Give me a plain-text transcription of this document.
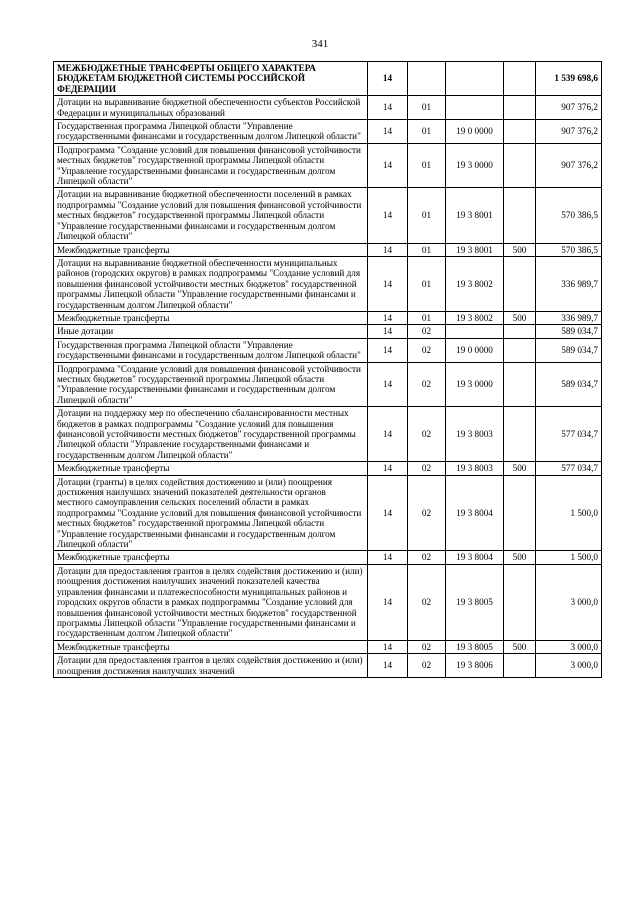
341
МЕЖБЮДЖЕТНЫЕ ТРАНСФЕРТЫ ОБЩЕГО ХАРАКТЕРА БЮДЖЕТАМ БЮДЖЕТНОЙ СИСТЕМЫ РОССИЙСКОЙ ФЕДЕРАЦИИ	14				1 539 698,6
Дотации на выравнивание бюджетной обеспеченности субъектов Российской Федерации и муниципальных образований	14	01			907 376,2
Государственная программа Липецкой области "Управление государственными финансами и государственным долгом Липецкой области"	14	01	19 0 0000		907 376,2
Подпрограмма "Создание условий для повышения финансовой устойчивости местных бюджетов" государственной программы Липецкой области "Управление государственными финансами и государственным долгом Липецкой области"	14	01	19 3 0000		907 376,2
Дотации на выравнивание бюджетной обеспеченности поселений в рамках подпрограммы "Создание условий для повышения финансовой устойчивости местных бюджетов" государственной программы Липецкой области "Управление государственными финансами и государственным долгом Липецкой области"	14	01	19 3 8001		570 386,5
Межбюджетные трансферты	14	01	19 3 8001	500	570 386,5
Дотации на выравнивание бюджетной обеспеченности муниципальных районов (городских округов) в рамках подпрограммы "Создание условий для повышения финансовой устойчивости местных бюджетов" государственной программы Липецкой области "Управление государственными финансами и государственным долгом Липецкой области"	14	01	19 3 8002		336 989,7
Межбюджетные трансферты	14	01	19 3 8002	500	336 989,7
Иные дотации	14	02			589 034,7
Государственная программа Липецкой области "Управление государственными финансами и государственным долгом Липецкой области"	14	02	19 0 0000		589 034,7
Подпрограмма "Создание условий для повышения финансовой устойчивости местных бюджетов" государственной программы Липецкой области "Управление государственными финансами и государственным долгом Липецкой области"	14	02	19 3 0000		589 034,7
Дотации на поддержку мер по обеспечению сбалансированности местных бюджетов в рамках подпрограммы "Создание условий для повышения финансовой устойчивости местных бюджетов" государственной программы Липецкой области "Управление государственными финансами и государственным долгом Липецкой области"	14	02	19 3 8003		577 034,7
Межбюджетные трансферты	14	02	19 3 8003	500	577 034,7
Дотации (гранты) в целях содействия достижению и (или) поощрения достижения наилучших значений показателей деятельности органов местного самоуправления сельских поселений области в рамках подпрограммы "Создание условий для повышения финансовой устойчивости местных бюджетов" государственной программы Липецкой области "Управление государственными финансами и государственным долгом Липецкой области"	14	02	19 3 8004		1 500,0
Межбюджетные трансферты	14	02	19 3 8004	500	1 500,0
Дотации для предоставления грантов в целях содействия достижению и (или) поощрения достижения наилучших значений показателей качества управления финансами и платежеспособности муниципальных районов и городских округов области в рамках подпрограммы "Создание условий для повышения финансовой устойчивости местных бюджетов" государственной программы Липецкой области "Управление государственными финансами и государственным долгом Липецкой области"	14	02	19 3 8005		3 000,0
Межбюджетные трансферты	14	02	19 3 8005	500	3 000,0
Дотации для предоставления грантов в целях содействия достижению и (или) поощрения достижения наилучших значений	14	02	19 3 8006		3 000,0
